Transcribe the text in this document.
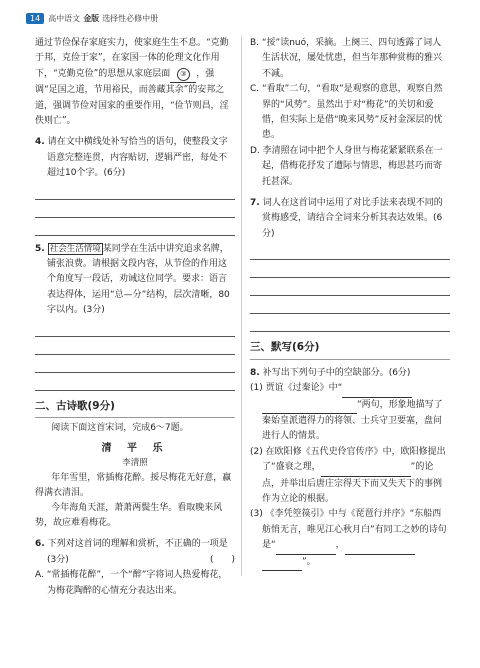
14	高中语文 金版 选择性必修中册

通过节俭保存家庭实力，使家庭生生不息。“克勤于邦，克俭于家”，在家国一体的伦理文化作用下，“克勤克俭”的思想从家庭层面 ③ ，强调“足国之道，节用裕民，而善藏其余”的安邦之道，强调节俭对国家的重要作用，“俭节则昌，淫佚则亡”。

4. 请在文中横线处补写恰当的语句，使整段文字语意完整连贯，内容贴切，逻辑严密，每处不超过10个字。(6分)

5. 社会生活情境 某同学在生活中讲究追求名牌，铺张浪费。请根据文段内容，从节俭的作用这个角度写一段话，劝诫这位同学。要求：语言表达得体，运用“总—分”结构，层次清晰，80字以内。(3分)

二、古诗歌(9分)

阅读下面这首宋词，完成6～7题。

清 平 乐
李清照

年年雪里，常插梅花醉。挼尽梅花无好意，赢得满衣清泪。

今年海角天涯，萧萧两鬓生华。看取晚来风势，故应难看梅花。

6. 下列对这首词的理解和赏析，不正确的一项是(3分)	(　　)

A. “常插梅花醉”，一个“醉”字将词人热爱梅花，为梅花陶醉的心情充分表达出来。

B. “挼”读nuó，采摘。上阕三、四句透露了词人生活状况，屡处忧患，但当年那种赏梅的雅兴不减。

C. “看取”二句，“看取”是观察的意思，观察自然界的“风势”。虽然出于对“梅花”的关切和爱惜，但实际上是借“晚来风势”反衬金深层的忧患。

D. 李清照在词中把个人身世与梅花紧紧联系在一起，借梅花抒发了遭际与情思，梅思甚巧而寄托甚深。

7. 词人在这首词中运用了对比手法来表现不同的赏梅感受，请结合全词来分析其表达效果。(6分)

三、默写(6分)

8. 补写出下列句子中的空缺部分。(6分)

(1) 贾谊《过秦论》中“   ”两句，形象地描写了秦始皇派遣得力的将领、士兵守卫要塞，盘问进行人的情景。

(2) 在欧阳修《五代史伶官传序》中，欧阳修提出了“盛衰之理，	”的论点，并举出后唐庄宗得天下而又失天下的事例作为立论的根据。

(3) 《李凭箜篌引》中与《琵琶行并序》“东船西舫悄无言，唯见江心秋月白”有同工之妙的诗句是“	，   ”。
